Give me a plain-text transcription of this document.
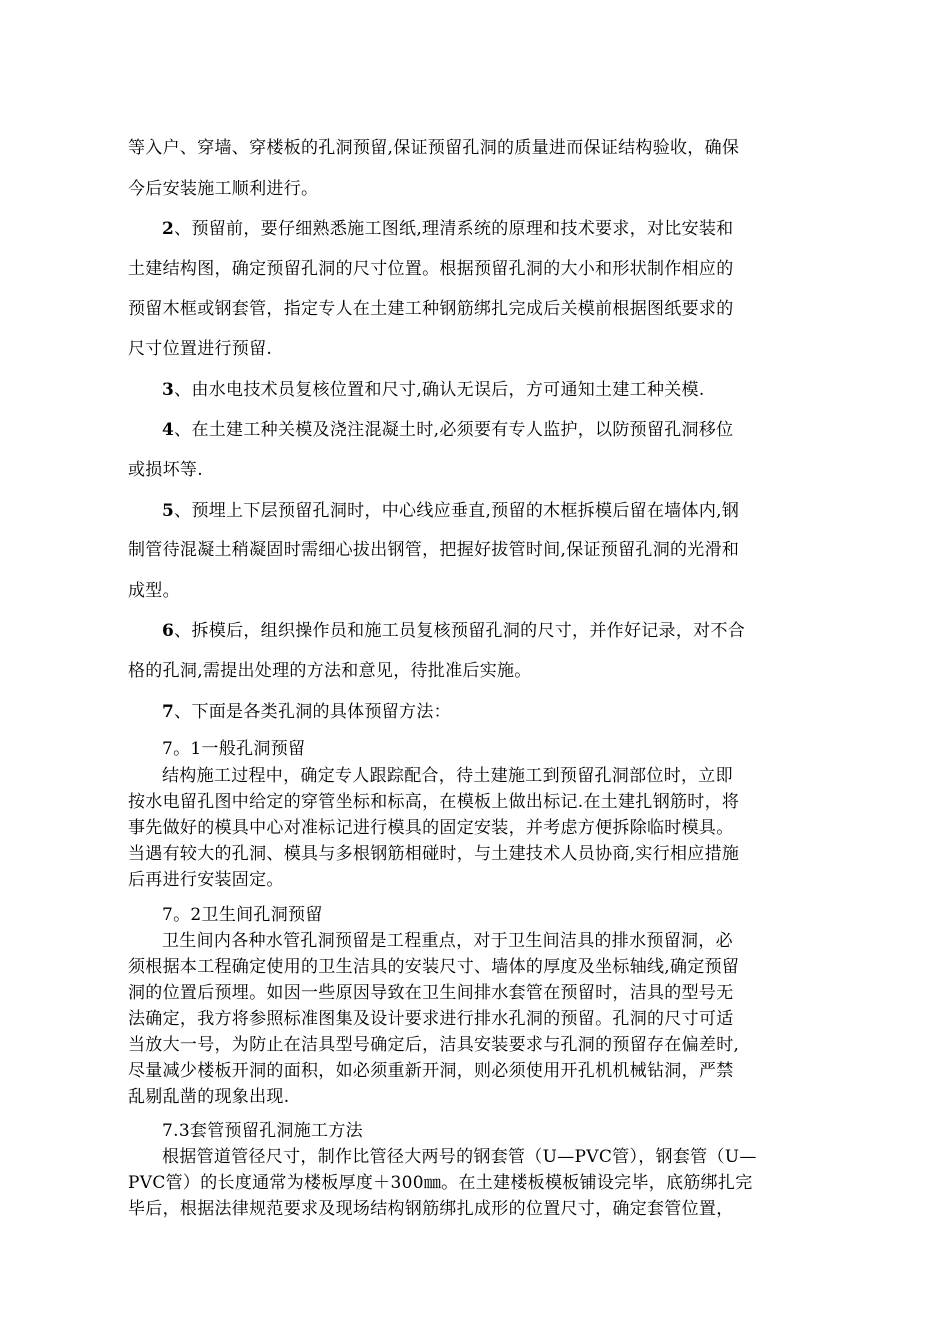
等入户、穿墙、穿楼板的孔洞预留,保证预留孔洞的质量进而保证结构验收，确保
今后安装施工顺利进行。
2、预留前，要仔细熟悉施工图纸,理清系统的原理和技术要求，对比安装和
土建结构图，确定预留孔洞的尺寸位置。根据预留孔洞的大小和形状制作相应的
预留木框或钢套管，指定专人在土建工种钢筋绑扎完成后关模前根据图纸要求的
尺寸位置进行预留.
3、由水电技术员复核位置和尺寸,确认无误后，方可通知土建工种关模.
4、在土建工种关模及浇注混凝土时,必须要有专人监护，以防预留孔洞移位
或损坏等.
5、预埋上下层预留孔洞时，中心线应垂直,预留的木框拆模后留在墙体内,钢
制管待混凝土稍凝固时需细心拔出钢管，把握好拔管时间,保证预留孔洞的光滑和
成型。
6、拆模后，组织操作员和施工员复核预留孔洞的尺寸，并作好记录，对不合
格的孔洞,需提出处理的方法和意见，待批准后实施。
7、下面是各类孔洞的具体预留方法：
7。1一般孔洞预留
结构施工过程中，确定专人跟踪配合，待土建施工到预留孔洞部位时，立即
按水电留孔图中给定的穿管坐标和标高，在模板上做出标记.在土建扎钢筋时，将
事先做好的模具中心对准标记进行模具的固定安装，并考虑方便拆除临时模具。
当遇有较大的孔洞、模具与多根钢筋相碰时，与土建技术人员协商,实行相应措施
后再进行安装固定。
7。2卫生间孔洞预留
卫生间内各种水管孔洞预留是工程重点，对于卫生间洁具的排水预留洞，必
须根据本工程确定使用的卫生洁具的安装尺寸、墙体的厚度及坐标轴线,确定预留
洞的位置后预埋。如因一些原因导致在卫生间排水套管在预留时，洁具的型号无
法确定，我方将参照标准图集及设计要求进行排水孔洞的预留。孔洞的尺寸可适
当放大一号，为防止在洁具型号确定后，洁具安装要求与孔洞的预留存在偏差时,
尽量减少楼板开洞的面积，如必须重新开洞，则必须使用开孔机机械钻洞，严禁
乱剔乱凿的现象出现.
7.3套管预留孔洞施工方法
根据管道管径尺寸，制作比管径大两号的钢套管（U—PVC管），钢套管（U—
PVC管）的长度通常为楼板厚度＋300㎜。在土建楼板模板铺设完毕，底筋绑扎完
毕后，根据法律规范要求及现场结构钢筋绑扎成形的位置尺寸，确定套管位置，
